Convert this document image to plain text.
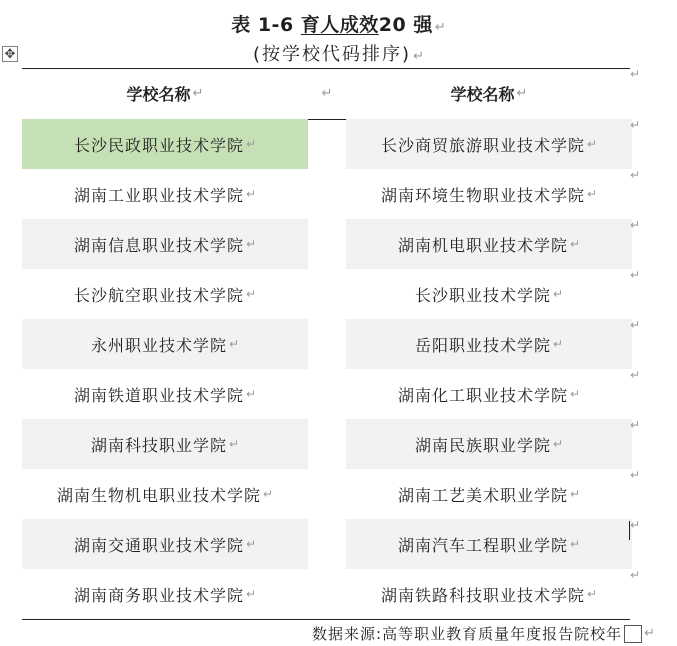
✥
表 1-6 育人成效20 强 ↵
(按学校代码排序) ↵
学校名称 ↵
长沙民政职业技术学院 ↵
湖南工业职业技术学院 ↵
湖南信息职业技术学院 ↵
长沙航空职业技术学院 ↵
永州职业技术学院 ↵
湖南铁道职业技术学院 ↵
湖南科技职业学院 ↵
湖南生物机电职业技术学院 ↵
湖南交通职业技术学院 ↵
湖南商务职业技术学院 ↵
↵	学校名称 ↵
长沙商贸旅游职业技术学院 ↵
湖南环境生物职业技术学院 ↵
湖南机电职业技术学院 ↵
长沙职业技术学院 ↵
岳阳职业技术学院 ↵
湖南化工职业技术学院 ↵
湖南民族职业学院 ↵
湖南工艺美术职业学院 ↵
湖南汽车工程职业学院 ↵
湖南铁路科技职业技术学院 ↵
↵
↵
↵
↵
↵
↵
↵
↵
↵
↵
↵
数据来源:高等职业教育质量年度报告院校年 ↵
